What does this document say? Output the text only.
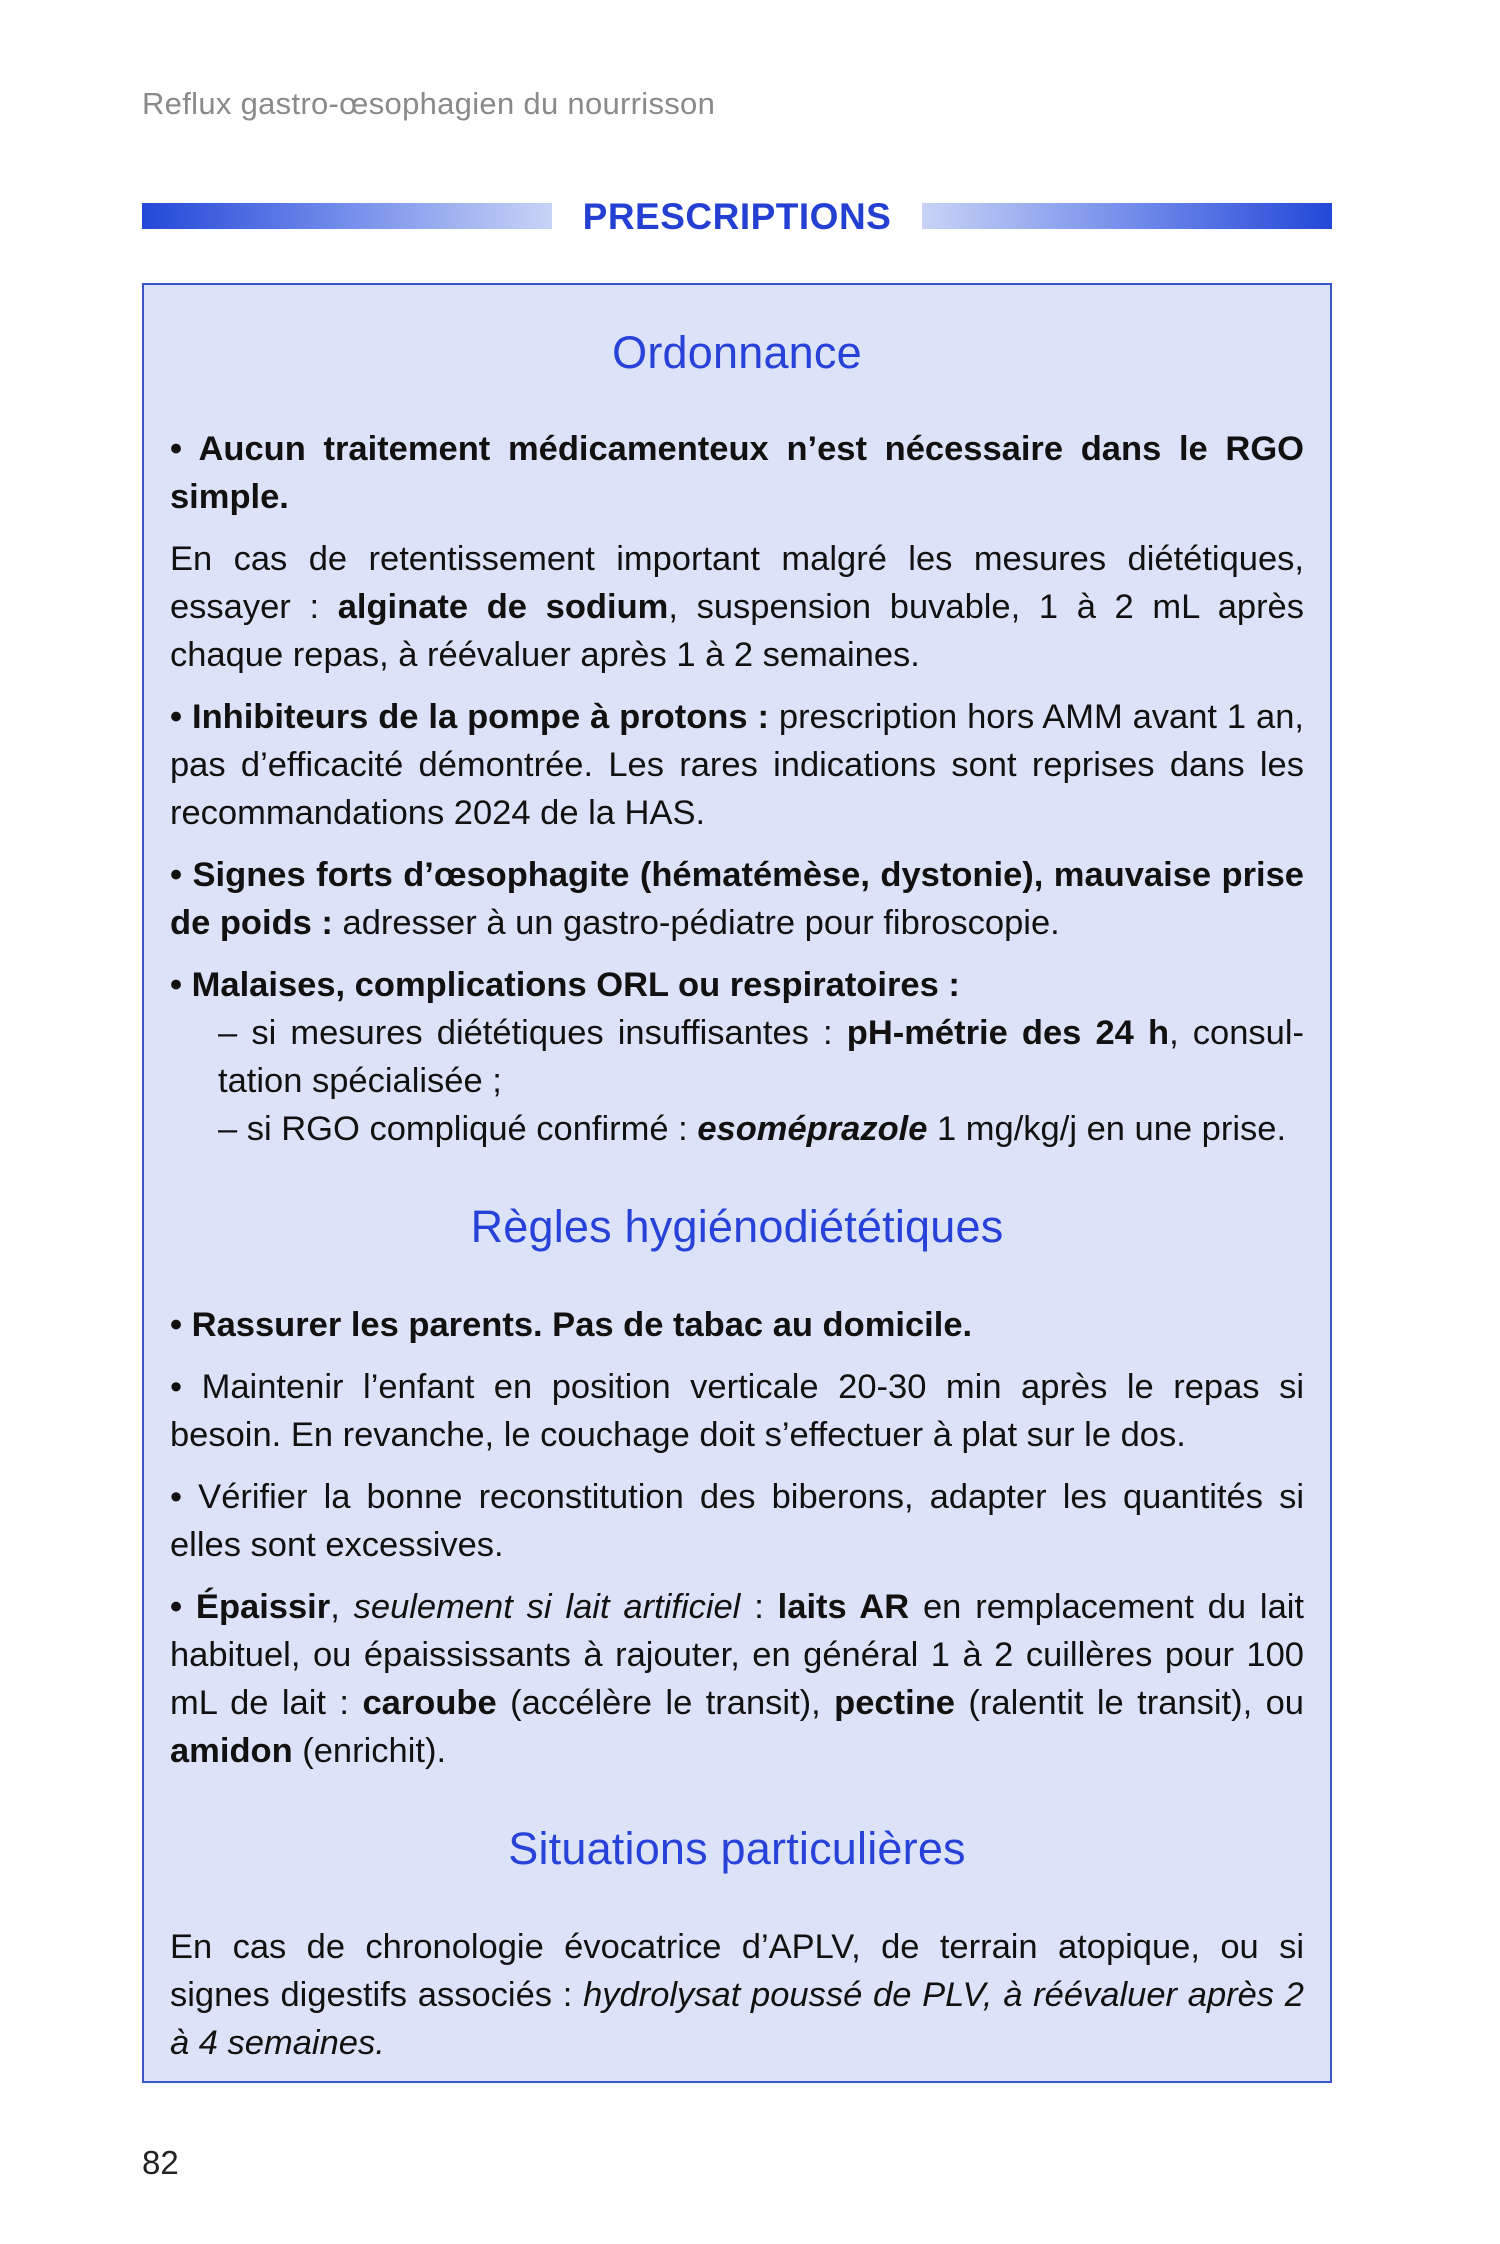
Reflux gastro-œsophagien du nourrisson
PRESCRIPTIONS
Ordonnance

• Aucun traitement médicamenteux n’est nécessaire dans le RGO simple.

En cas de retentissement important malgré les mesures diététiques, essayer : alginate de sodium, suspension buvable, 1 à 2 mL après chaque repas, à réévaluer après 1 à 2 semaines.

• Inhibiteurs de la pompe à protons : prescription hors AMM avant 1 an, pas d’efficacité démontrée. Les rares indications sont reprises dans les recommandations 2024 de la HAS.

• Signes forts d’œsophagite (hématémèse, dystonie), mauvaise prise de poids : adresser à un gastro-pédiatre pour fibroscopie.

• Malaises, complications ORL ou respiratoires :

– si mesures diététiques insuffisantes : pH-métrie des 24 h, consul-
tation spécialisée ;
– si RGO compliqué confirmé : esoméprazole 1 mg/kg/j en une prise.
Règles hygiénodiététiques

• Rassurer les parents. Pas de tabac au domicile.

• Maintenir l’enfant en position verticale 20-30 min après le repas si besoin. En revanche, le couchage doit s’effectuer à plat sur le dos.

• Vérifier la bonne reconstitution des biberons, adapter les quantités si elles sont excessives.

• Épaissir, seulement si lait artificiel : laits AR en remplacement du lait habituel, ou épaississants à rajouter, en général 1 à 2 cuillères pour 100 mL de lait : caroube (accélère le transit), pectine (ralentit le transit), ou amidon (enrichit).

Situations particulières

En cas de chronologie évocatrice d’APLV, de terrain atopique, ou si signes digestifs associés : hydrolysat poussé de PLV, à réévaluer après 2 à 4 semaines.

82
